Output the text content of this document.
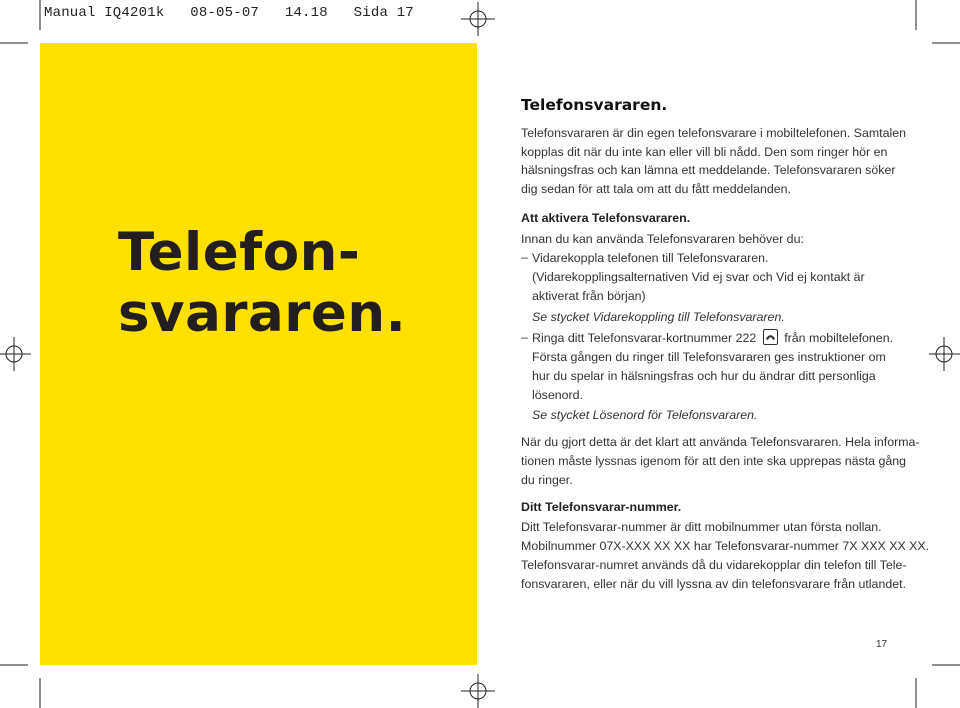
Manual IQ4201k   08-05-07   14.18   Sida 17
Telefon-
svararen.
Telefonsvararen.

Telefonsvararen är din egen telefonsvarare i mobiltelefonen. Samtalen

kopplas dit när du inte kan eller vill bli nådd. Den som ringer hör en

hälsningsfras och kan lämna ett meddelande. Telefonsvararen söker

dig sedan för att tala om att du fått meddelanden.

Att aktivera Telefonsvararen.

Innan du kan använda Telefonsvararen behöver du:

– Vidarekoppla telefonen till Telefonsvararen.

(Vidarekopplingsalternativen Vid ej svar och Vid ej kontakt är

aktiverat från början)

Se stycket Vidarekoppling till Telefonsvararen.

– Ringa ditt Telefonsvarar-kortnummer 222 från mobiltelefonen.

Första gången du ringer till Telefonsvararen ges instruktioner om

hur du spelar in hälsningsfras och hur du ändrar ditt personliga

lösenord.

Se stycket Lösenord för Telefonsvararen.

När du gjort detta är det klart att använda Telefonsvararen. Hela informa-

tionen måste lyssnas igenom för att den inte ska upprepas nästa gång

du ringer.

Ditt Telefonsvarar-nummer.

Ditt Telefonsvarar-nummer är ditt mobilnummer utan första nollan.

Mobilnummer 07X-XXX XX XX har Telefonsvarar-nummer 7X XXX XX XX.

Telefonsvarar-numret används då du vidarekopplar din telefon till Tele-

fonsvararen, eller när du vill lyssna av din telefonsvarare från utlandet.

17
